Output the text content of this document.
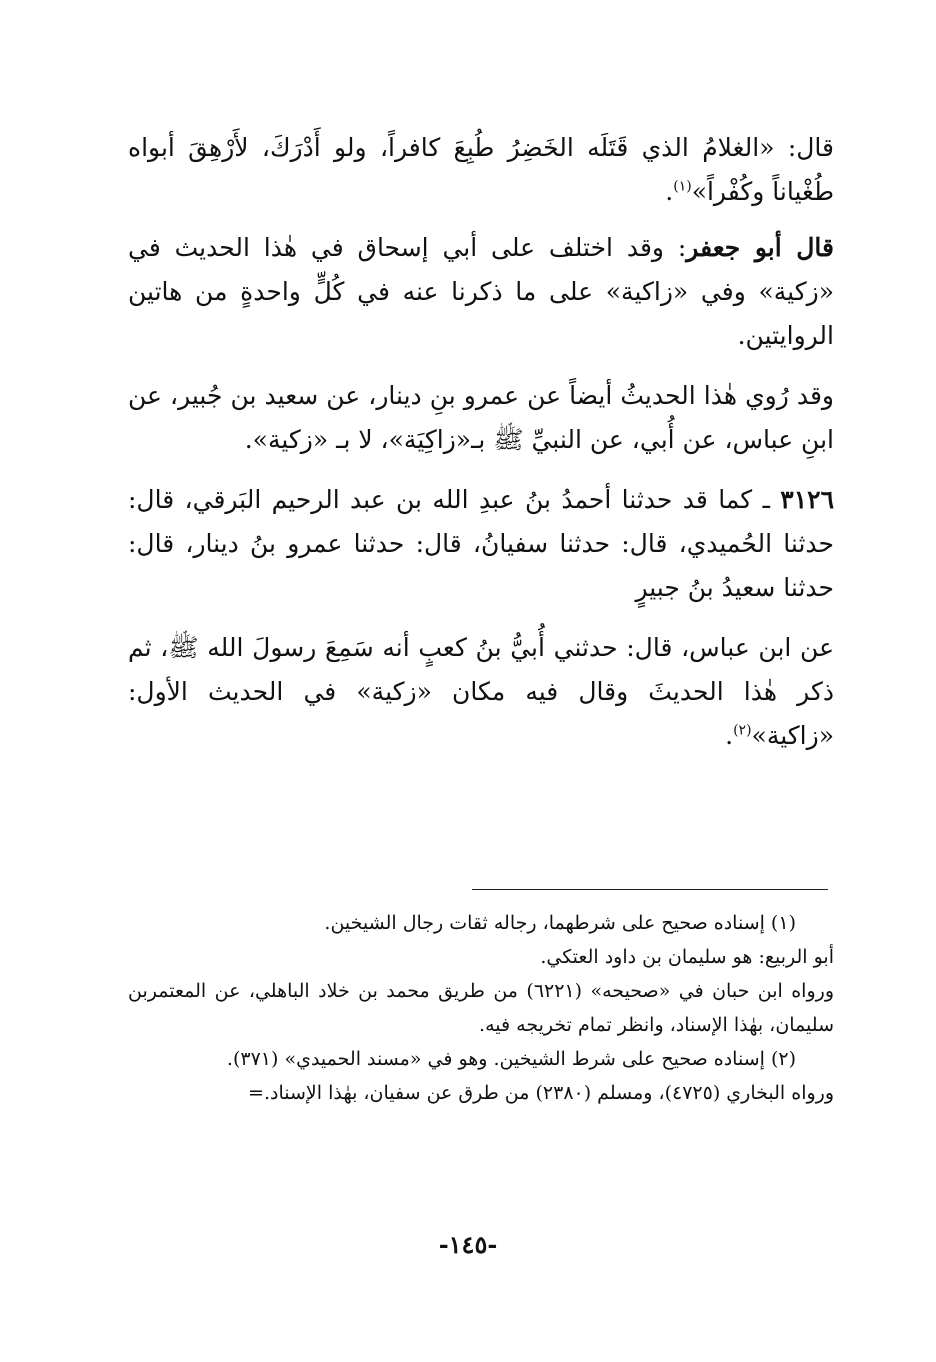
قال: «الغلامُ الذي قَتَلَه الخَضِرُ طُبِعَ كافراً، ولو أَدْرَكَ، لأَرْهِقَ أبواه طُغْياناً وكُفْراً»$^{(١)}$.

قال أبو جعفر: وقد اختلف على أبي إسحاق في هٰذا الحديث في «زكية» وفي «زاكية» على ما ذكرنا عنه في كُلٍّ واحدةٍ من هاتين الروايتين.

وقد رُوي هٰذا الحديثُ أيضاً عن عمرو بنِ دينار، عن سعيد بن جُبير، عن ابنِ عباس، عن أُبي، عن النبيِّ ﷺ بـ«زاكِيَة»، لا بـ «زكية».

٣١٢٦ ـ كما قد حدثنا أحمدُ بنُ عبدِ الله بن عبد الرحيم البَرقي، قال: حدثنا الحُميدي، قال: حدثنا سفيانُ، قال: حدثنا عمرو بنُ دينار، قال: حدثنا سعيدُ بنُ جبيرٍ

عن ابن عباس، قال: حدثني أُبيُّ بنُ كعبٍ أنه سَمِعَ رسولَ الله ﷺ، ثم ذكر هٰذا الحديثَ وقال فيه مكان «زكية» في الحديث الأول: «زاكية»$^{(٢)}$.

(١) إسناده صحيح على شرطهما، رجاله ثقات رجال الشيخين.

أبو الربيع: هو سليمان بن داود العتكي.

ورواه ابن حبان في «صحيحه» (٦٢٢١) من طريق محمد بن خلاد الباهلي، عن المعتمربن سليمان، بهٰذا الإسناد، وانظر تمام تخريجه فيه.

(٢) إسناده صحيح على شرط الشيخين. وهو في «مسند الحميدي» (٣٧١).

ورواه البخاري (٤٧٢٥)، ومسلم (٢٣٨٠) من طرق عن سفيان، بهٰذا الإسناد.=

-١٤٥-
